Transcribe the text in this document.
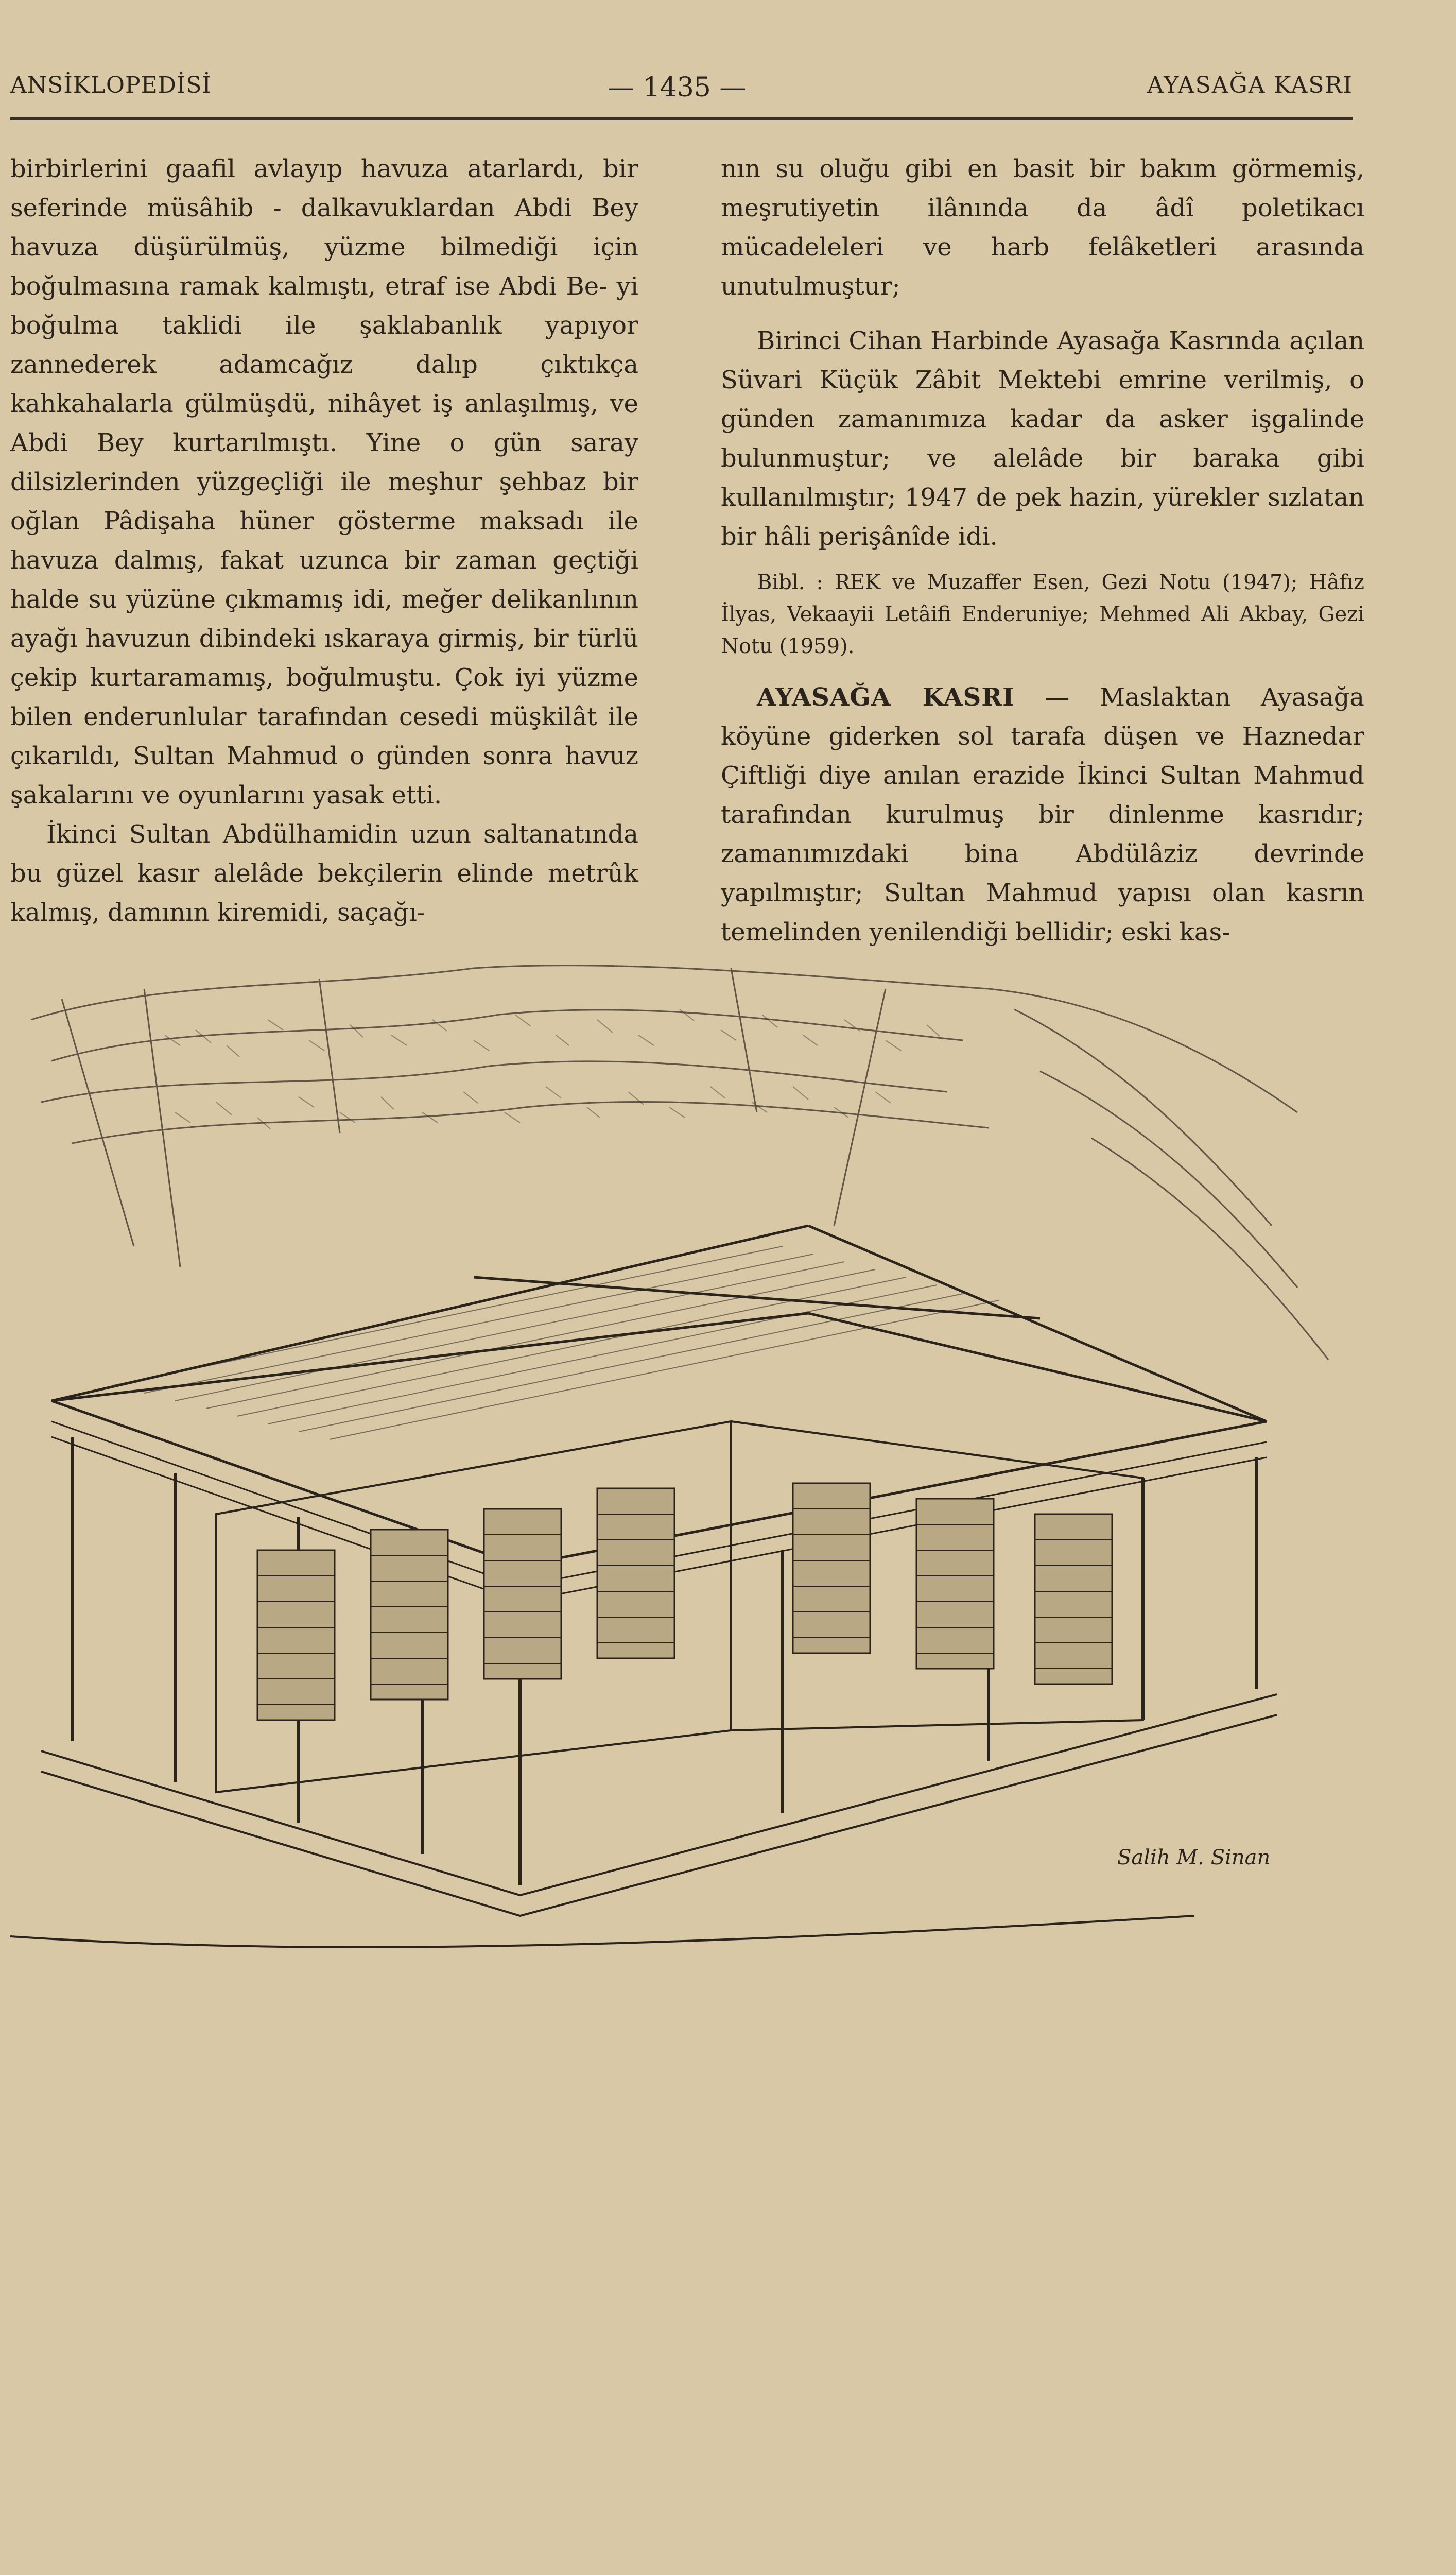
ANSİKLOPEDİSİ	— 1435 —	AYASAĞA KASRI

birbirlerini gaafil avlayıp havuza atarlardı, bir seferinde müsâhib - dalkavuklardan Abdi Bey havuza düşürülmüş, yüzme bilmediği için boğulmasına ramak kalmıştı, etraf ise Abdi Be- yi boğulma taklidi ile şaklabanlık yapıyor zannederek adamcağız dalıp çıktıkça kahkahalarla gülmüşdü, nihâyet iş anlaşılmış, ve Abdi Bey kurtarılmıştı. Yine o gün saray dilsizlerinden yüzgeçliği ile meşhur şehbaz bir oğlan Pâdişaha hüner gösterme maksadı ile havuza dalmış, fakat uzunca bir zaman geçtiği halde su yüzüne çıkmamış idi, meğer delikanlının ayağı havuzun dibindeki ıskaraya girmiş, bir türlü çekip kurtaramamış, boğulmuştu. Çok iyi yüzme bilen enderunlular tarafından cesedi müşkilât ile çıkarıldı, Sultan Mahmud o günden sonra havuz şakalarını ve oyunlarını yasak etti.

İkinci Sultan Abdülhamidin uzun saltanatında bu güzel kasır alelâde bekçilerin elinde metrûk kalmış, damının kiremidi, saçağı-

nın su oluğu gibi en basit bir bakım görmemiş, meşrutiyetin ilânında da âdî poletikacı mücadeleleri ve harb felâketleri arasında unutulmuştur;

Birinci Cihan Harbinde Ayasağa Kasrında açılan Süvari Küçük Zâbit Mektebi emrine verilmiş, o günden zamanımıza kadar da asker işgalinde bulunmuştur; ve alelâde bir baraka gibi kullanılmıştır; 1947 de pek hazin, yürekler sızlatan bir hâli perişânîde idi.

Bibl. : REK ve Muzaffer Esen, Gezi Notu (1947); Hâfız İlyas, Vekaayii Letâifi Enderuniye; Mehmed Ali Akbay, Gezi Notu (1959).

AYASAĞA KASRI — Maslaktan Ayasağa köyüne giderken sol tarafa düşen ve Haznedar Çiftliği diye anılan erazide İkinci Sultan Mahmud tarafından kurulmuş bir dinlenme kasrıdır; zamanımızdaki bina Abdülâziz devrinde yapılmıştır; Sultan Mahmud yapısı olan kasrın temelinden yenilendiği bellidir; eski kas-

Salih M. Sinan
